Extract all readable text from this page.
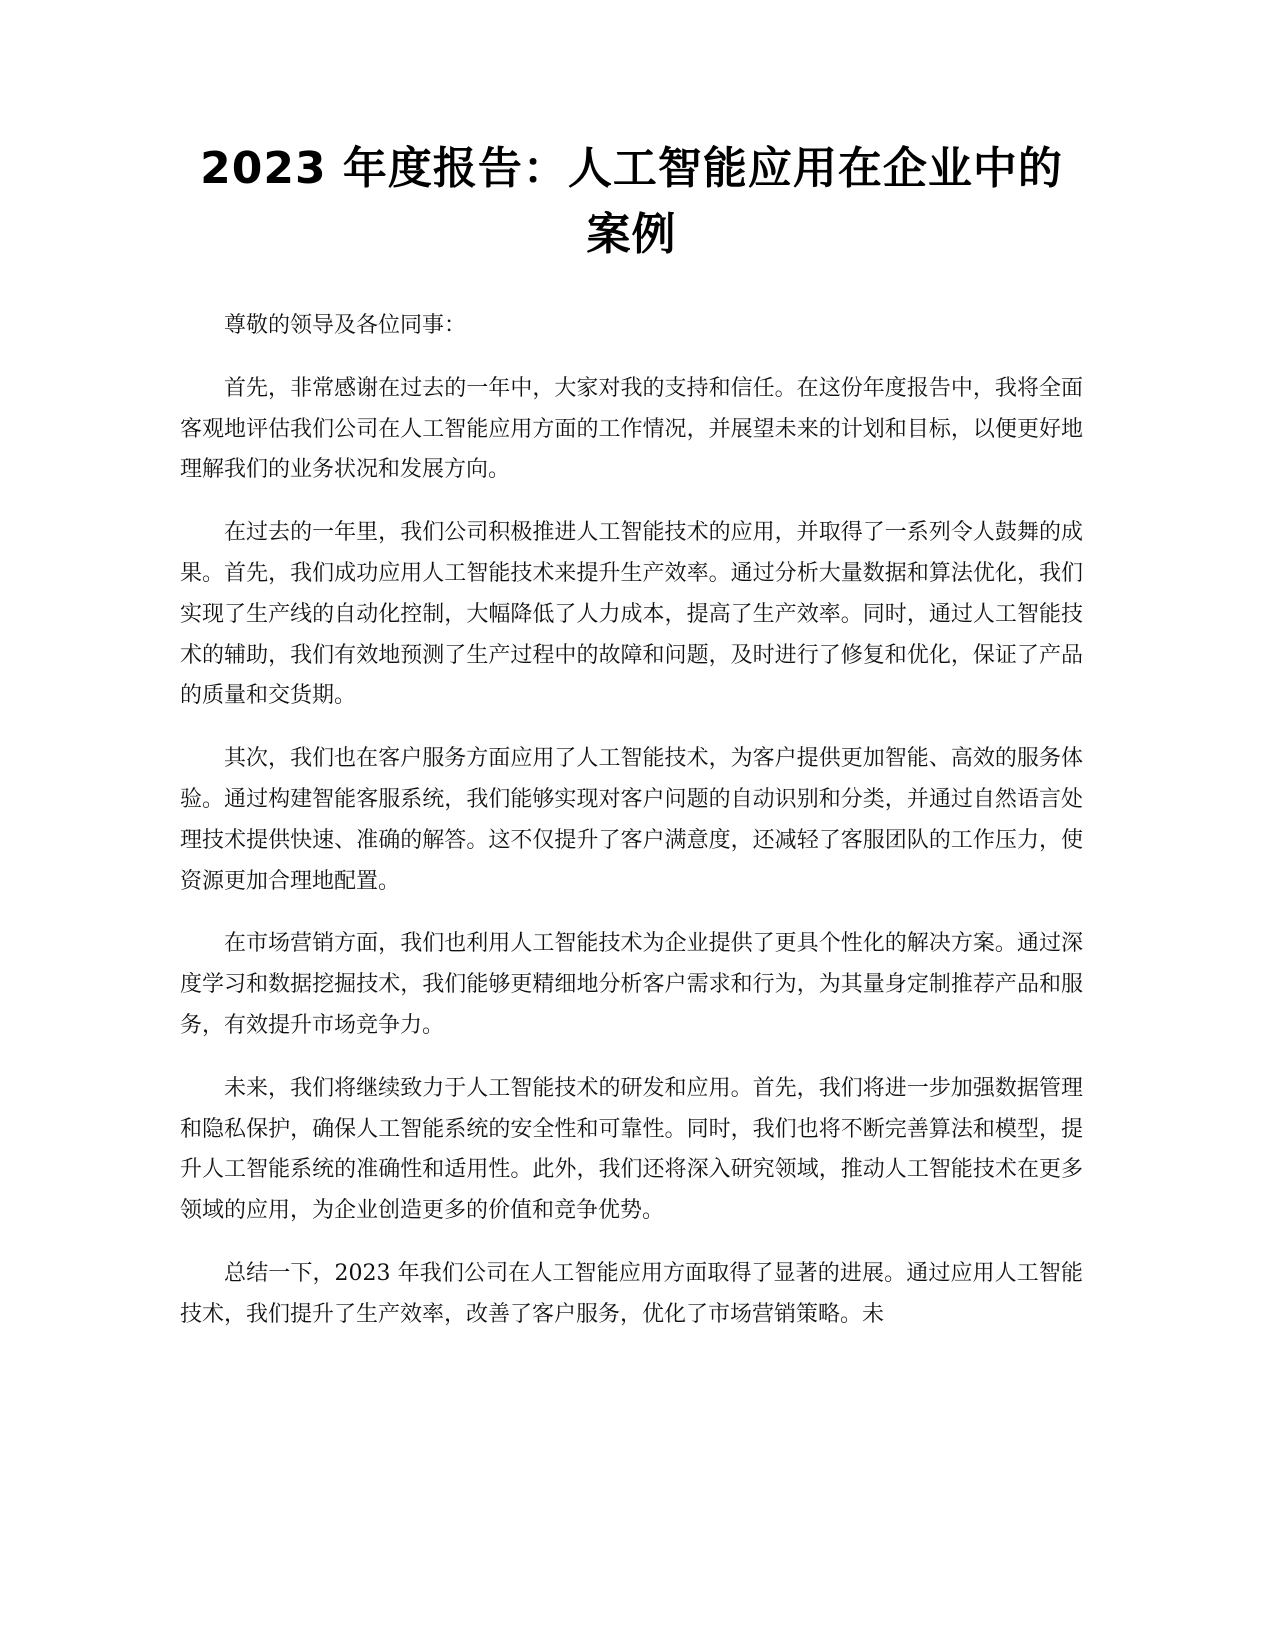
2023 年度报告：人工智能应用在企业中的案例

尊敬的领导及各位同事：

首先，非常感谢在过去的一年中，大家对我的支持和信任。在这份年度报告中，我将全面客观地评估我们公司在人工智能应用方面的工作情况，并展望未来的计划和目标，以便更好地理解我们的业务状况和发展方向。

在过去的一年里，我们公司积极推进人工智能技术的应用，并取得了一系列令人鼓舞的成果。首先，我们成功应用人工智能技术来提升生产效率。通过分析大量数据和算法优化，我们实现了生产线的自动化控制，大幅降低了人力成本，提高了生产效率。同时，通过人工智能技术的辅助，我们有效地预测了生产过程中的故障和问题，及时进行了修复和优化，保证了产品的质量和交货期。

其次，我们也在客户服务方面应用了人工智能技术，为客户提供更加智能、高效的服务体验。通过构建智能客服系统，我们能够实现对客户问题的自动识别和分类，并通过自然语言处理技术提供快速、准确的解答。这不仅提升了客户满意度，还减轻了客服团队的工作压力，使资源更加合理地配置。

在市场营销方面，我们也利用人工智能技术为企业提供了更具个性化的解决方案。通过深度学习和数据挖掘技术，我们能够更精细地分析客户需求和行为，为其量身定制推荐产品和服务，有效提升市场竞争力。

未来，我们将继续致力于人工智能技术的研发和应用。首先，我们将进一步加强数据管理和隐私保护，确保人工智能系统的安全性和可靠性。同时，我们也将不断完善算法和模型，提升人工智能系统的准确性和适用性。此外，我们还将深入研究领域，推动人工智能技术在更多领域的应用，为企业创造更多的价值和竞争优势。

总结一下，2023 年我们公司在人工智能应用方面取得了显著的进展。通过应用人工智能技术，我们提升了生产效率，改善了客户服务，优化了市场营销策略。未
